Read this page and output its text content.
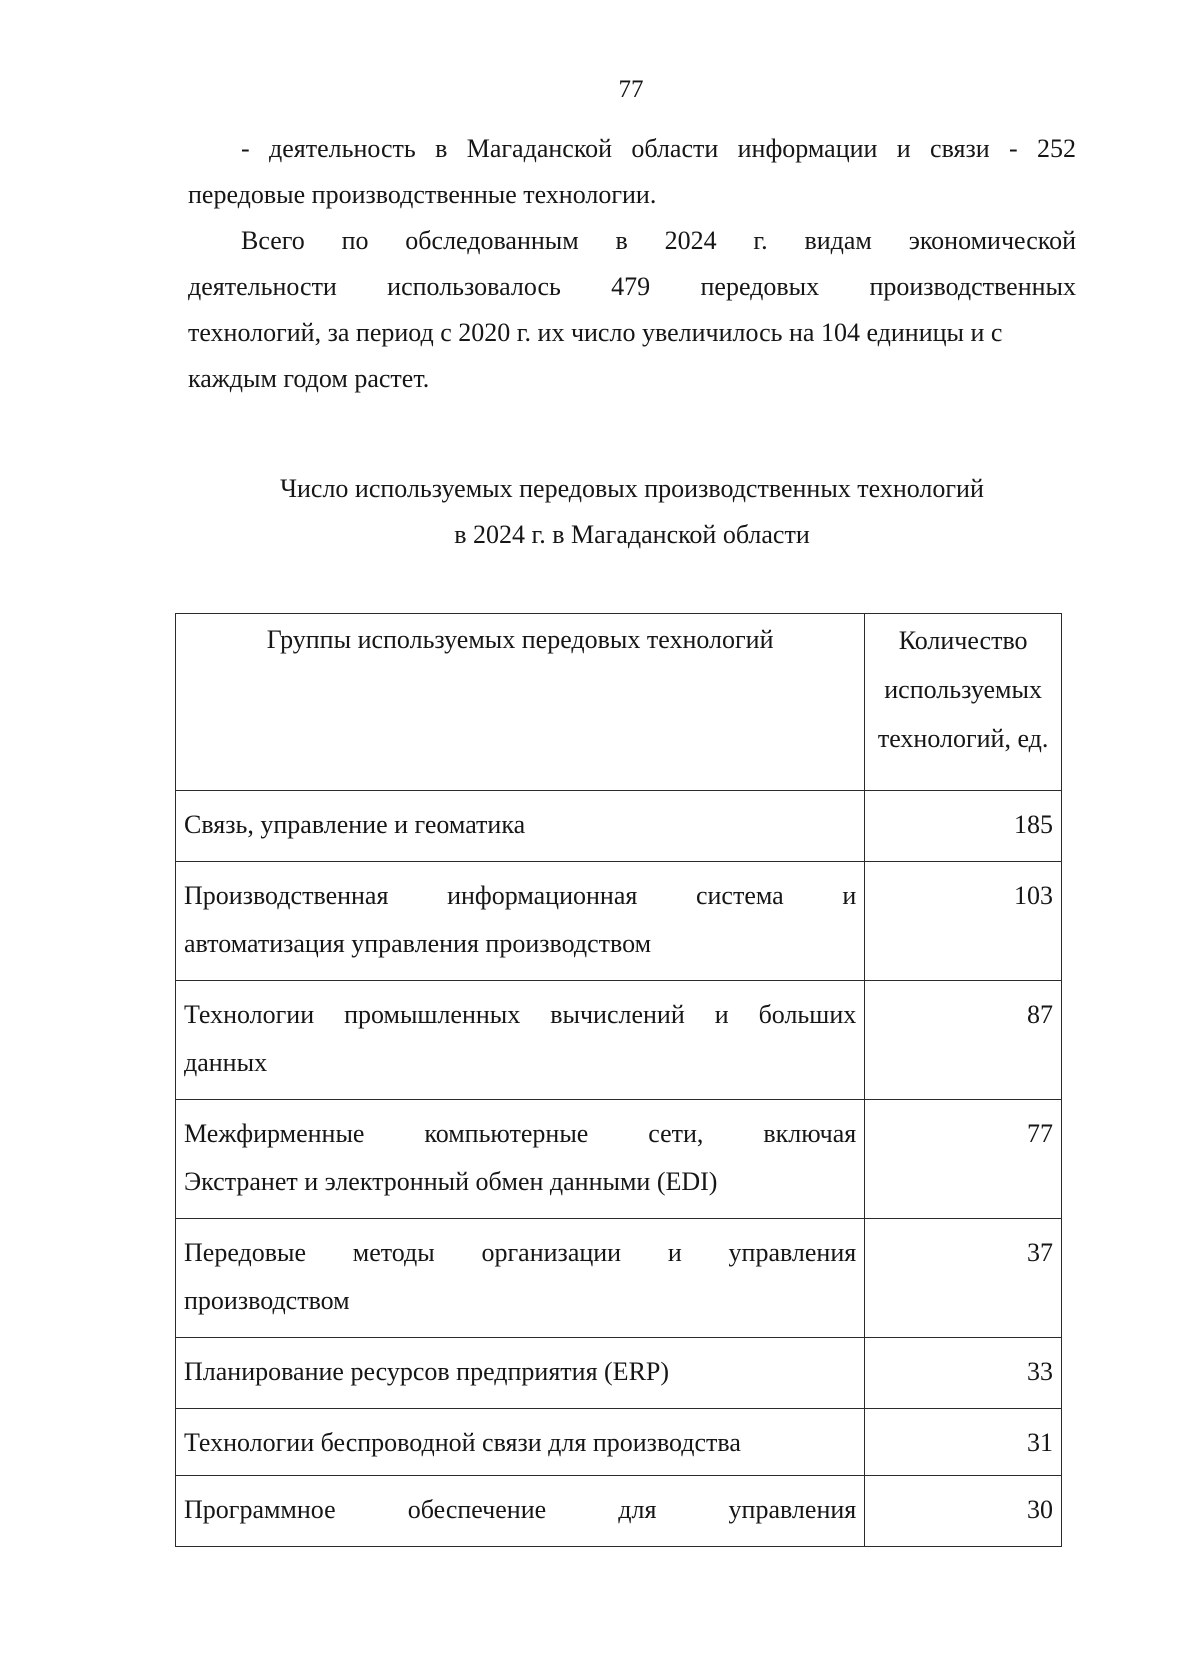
77
- деятельность в Магаданской области информации и связи - 252
передовые производственные технологии.
Всего по обследованным в 2024 г. видам экономической
деятельности использовалось 479 передовых производственных
технологий, за период с 2020 г. их число увеличилось на 104 единицы и с
каждым годом растет.
Число используемых передовых производственных технологий
в 2024 г. в Магаданской области
Группы используемых передовых технологий	Количество
используемых
технологий, ед.

Связь, управление и геоматика	185

Производственная информационная система и
автоматизация управления производством	103

Технологии промышленных вычислений и больших
данных	87

Межфирменные компьютерные сети, включая
Экстранет и электронный обмен данными (EDI)	77

Передовые методы организации и управления
производством	37

Планирование ресурсов предприятия (ERP)	33

Технологии беспроводной связи для производства	31

Программное обеспечение для управления	30
